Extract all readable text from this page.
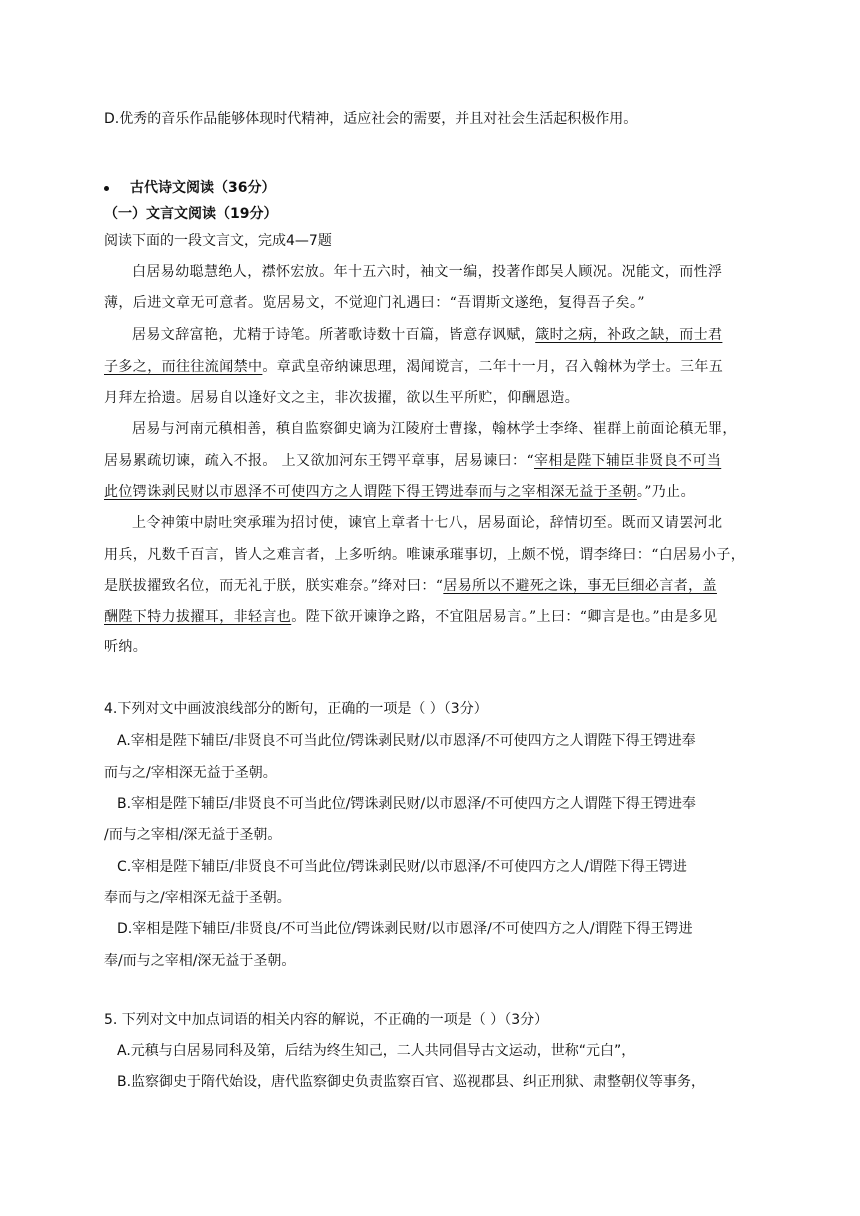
D.优秀的音乐作品能够体现时代精神，适应社会的需要，并且对社会生活起积极作用。
古代诗文阅读（36分）
（一）文言文阅读（19分）
阅读下面的一段文言文，完成4—7题
白居易幼聪慧绝人，襟怀宏放。年十五六时，袖文一编，投著作郎吴人顾况。况能文，而性浮
薄，后进文章无可意者。览居易文，不觉迎门礼遇曰：“吾谓斯文遂绝，复得吾子矣。”
居易文辞富艳，尤精于诗笔。所著歌诗数十百篇，皆意存讽赋，箴时之病，补政之缺，而士君
子多之，而往往流闻禁中。章武皇帝纳谏思理，渴闻谠言，二年十一月，召入翰林为学士。三年五
月拜左拾遗。居易自以逢好文之主，非次拔擢，欲以生平所贮，仰酬恩造。
居易与河南元稹相善，稹自监察御史谪为江陵府士曹掾，翰林学士李绛、崔群上前面论稹无罪，
居易累疏切谏，疏入不报。 上又欲加河东王锷平章事，居易谏曰：“宰相是陛下辅臣非贤良不可当
此位锷诛剥民财以市恩泽不可使四方之人谓陛下得王锷进奉而与之宰相深无益于圣朝。”乃止。
上令神策中尉吐突承璀为招讨使，谏官上章者十七八，居易面论，辞情切至。既而又请罢河北
用兵，凡数千百言，皆人之难言者，上多听纳。唯谏承璀事切，上颇不悦，谓李绛曰：“白居易小子，
是朕拔擢致名位，而无礼于朕，朕实难奈。”绛对曰：“居易所以不避死之诛，事无巨细必言者，盖
酬陛下特力拔擢耳，非轻言也。陛下欲开谏诤之路，不宜阻居易言。”上曰：“卿言是也。”由是多见
听纳。
4.下列对文中画波浪线部分的断句，正确的一项是（ ）（3分）
A.宰相是陛下辅臣/非贤良不可当此位/锷诛剥民财/以市恩泽/不可使四方之人谓陛下得王锷进奉
而与之/宰相深无益于圣朝。
B.宰相是陛下辅臣/非贤良不可当此位/锷诛剥民财/以市恩泽/不可使四方之人谓陛下得王锷进奉
/而与之宰相/深无益于圣朝。
C.宰相是陛下辅臣/非贤良不可当此位/锷诛剥民财/以市恩泽/不可使四方之人/谓陛下得王锷进
奉而与之/宰相深无益于圣朝。
D.宰相是陛下辅臣/非贤良/不可当此位/锷诛剥民财/以市恩泽/不可使四方之人/谓陛下得王锷进
奉/而与之宰相/深无益于圣朝。
5. 下列对文中加点词语的相关内容的解说，不正确的一项是（ ）（3分）
A.元稹与白居易同科及第，后结为终生知己，二人共同倡导古文运动，世称“元白”，
B.监察御史于隋代始设，唐代监察御史负责监察百官、巡视郡县、纠正刑狱、肃整朝仪等事务，
